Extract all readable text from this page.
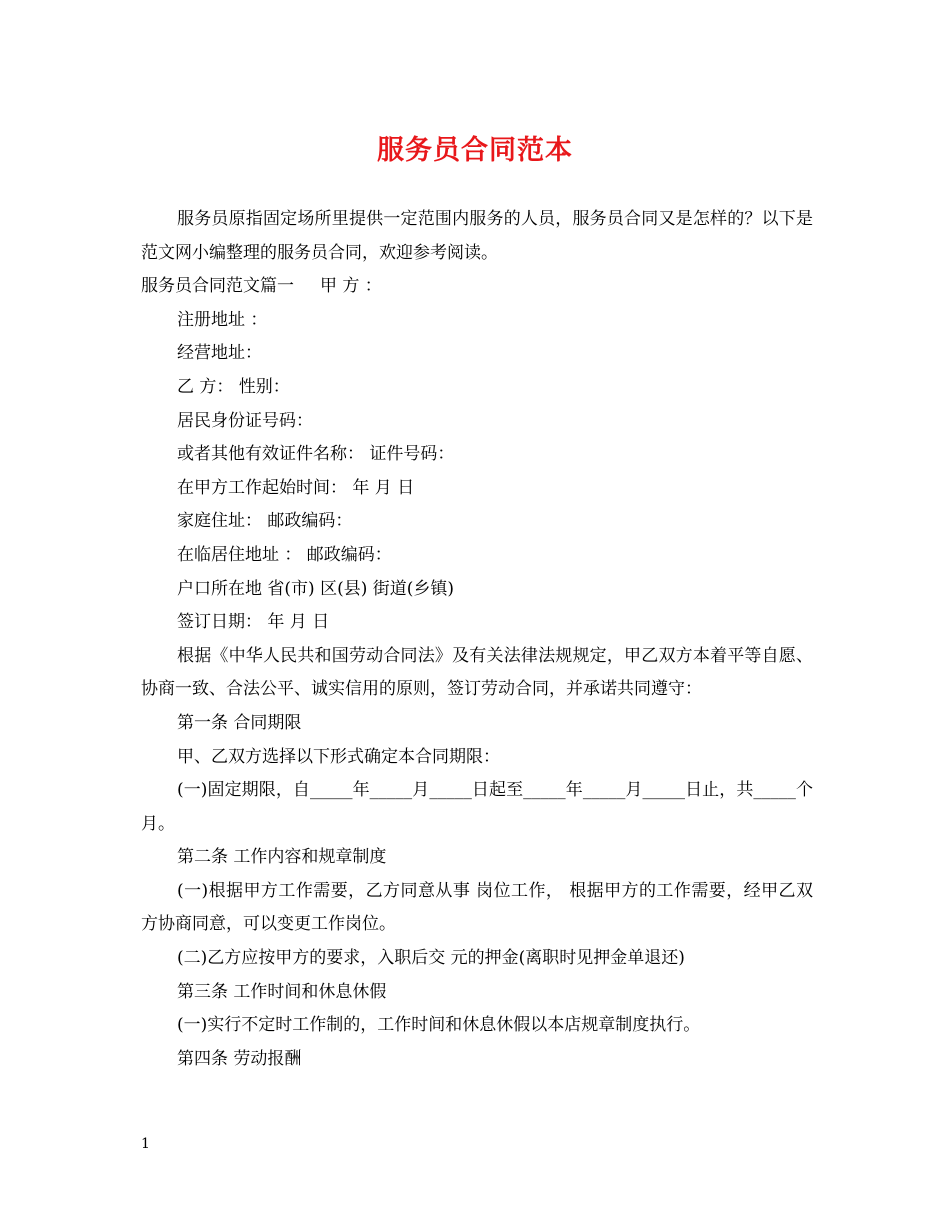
服务员合同范本

服务员原指固定场所里提供一定范围内服务的人员，服务员合同又是怎样的？以下是范文网小编整理的服务员合同，欢迎参考阅读。

服务员合同范文篇一 甲 方 ：

注册地址 ：

经营地址：

乙 方： 性别：

居民身份证号码：

或者其他有效证件名称： 证件号码：

在甲方工作起始时间： 年 月 日

家庭住址： 邮政编码：

在临居住地址 ： 邮政编码：

户口所在地 省(市) 区(县) 街道(乡镇)

签订日期： 年 月 日

根据《中华人民共和国劳动合同法》及有关法律法规规定，甲乙双方本着平等自愿、协商一致、合法公平、诚实信用的原则，签订劳动合同，并承诺共同遵守：

第一条 合同期限

甲、乙双方选择以下形式确定本合同期限：

(一)固定期限，自_____年_____月_____日起至_____年_____月_____日止，共_____个月。

第二条 工作内容和规章制度

(一)根据甲方工作需要，乙方同意从事 岗位工作， 根据甲方的工作需要，经甲乙双方协商同意，可以变更工作岗位。

(二)乙方应按甲方的要求，入职后交 元的押金(离职时见押金单退还)

第三条 工作时间和休息休假

(一)实行不定时工作制的，工作时间和休息休假以本店规章制度执行。

第四条 劳动报酬

1
